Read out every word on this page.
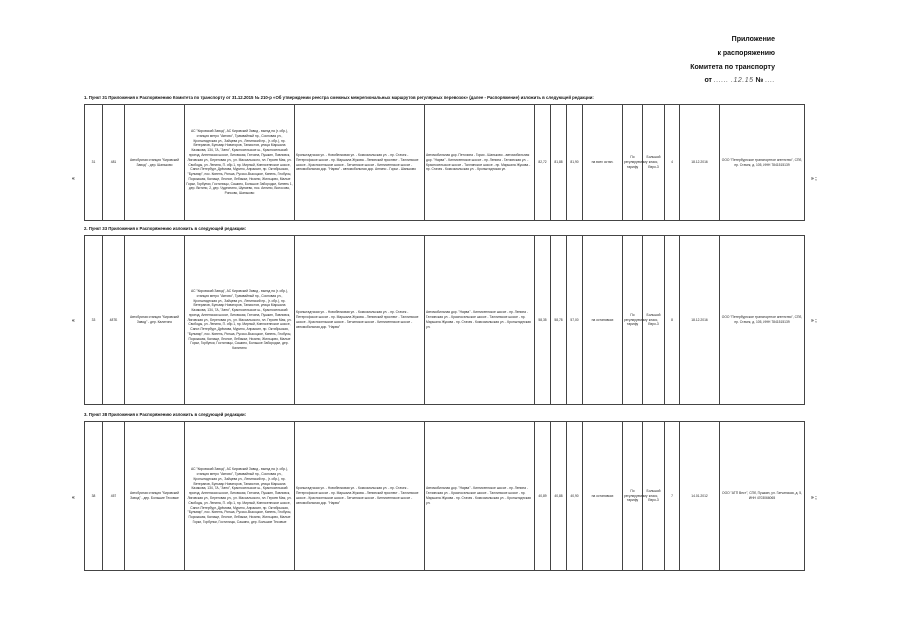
Приложение
к распоряжению
Комитета по транспорту
от ...... .12.15 № ....
1. Пункт 31 Приложения к Распоряжению Комитета по транспорту от 31.12.2015 № 210-р «Об утверждении реестра смежных межрегиональных маршрутов регулярных перевозок» (далее - Распоряжение) изложить в следующей редакции:
2. Пункт 33 Приложения к Распоряжению изложить в следующей редакции:
3. Пункт 38 Приложения к Распоряжению изложить в следующей редакции:
31	481	Автобусная станция "Кировский Завод" - дер. Шаньково	АС "Кировский Завод", АС Кировский Завод - выезд на (г. обр.), станция метро "Автово", Трамвайный пр., Сосновая ул., Кронштадтская ул., Зайцева ул., Ленинский пр., (г. обр.), пр. Ветеранов, Бульвар Новаторов, Танкистов, улица Маршала Казакова, 134, 7А, "Авто", Красносельское ш., Красносельский проезд, Анненская шоссе, Лиговская, Гатчина, Пушкин, Павловск, Лиговская ул., Береговая ул., ул. Массальского, пл. Героев Мая, ул. Свободы, ул. Ленина, П. обр.1, пр. Мирный, Кингисеппское шоссе, Санкт-Петербург, Дрёмова, Мурино, Апраксин, пр. Октябрьская, "Бульвар", пос. Кипень, Ропша, Русско-Высоцкое, Кипень, Глобусы, Порожская, Калище, Лесное, Лебяжье, Низино, Жильцово, Малые Горки, Горбунки, Гостилицы, Сашино, Большое Забородье, Кипень 1, дер. Витино, 2, дер. Чудеснино, Шупаево, пос. Аннино, Волосово, Ронково, Шаньково	Кронштадтская ул. - Новобелковая ул. - Комсомольская ул. - пр. Стачек - Петергофское шоссе - пр. Маршала Жукова - Ленинский проспект - Таллинское шоссе - Красносельское шоссе - Гатчинское шоссе - Кингисеппское шоссе - автомобильная дор. "Нарва" - автомобильная дор. Аннино - Горки - Шаньково	Автомобильная дор. Петочина - Горки - Шаньково - автомобильная дор. "Нарва" - Кингисеппское шоссе - пр. Ленина - Гатчинская ул. - Красносельское шоссе - Таллинское шоссе - пр. Маршала Жукова - пр. Стачек - Комсомольская ул. - Кронштадтская ул.	82,72	81,88	81,90	на всех остан.	По регулируемому тарифу	Большой класс, Евро-3	4	18.12.2016	ООО "Петербургское транспортное агентство", СПб, пр. Стачек, д. 105, ИНН 7841515139
33	487Б	Автобусная станция "Кировский Завод" - дер. Калитино	АС "Кировский Завод", АС Кировский Завод - выезд на (г. обр.), станция метро "Автово", Трамвайный пр., Сосновая ул., Кронштадтская ул., Зайцева ул., Ленинский пр., (г. обр.), пр. Ветеранов, Бульвар Новаторов, Танкистов, улица Маршала Казакова, 134, 7А, "Авто", Красносельское ш., Красносельский проезд, Анненская шоссе, Лиговская, Гатчина, Пушкин, Павловск, Лиговская ул., Береговая ул., ул. Массальского, пл. Героев Мая, ул. Свободы, ул. Ленина, П. обр.1, пр. Мирный, Кингисеппское шоссе, Санкт-Петербург, Дрёмова, Мурино, Апраксин, пр. Октябрьская, "Бульвар", пос. Кипень, Ропша, Русско-Высоцкое, Кипень, Глобусы, Порожская, Калище, Лесное, Лебяжье, Низино, Жильцово, Малые Горки, Горбунки, Гостилицы, Сашино, Большое Забородье, дер. Калитино	Кронштадтская ул. - Новобелковая ул. - Комсомольская ул. - пр. Стачек - Петергофское шоссе - пр. Маршала Жукова - Ленинский проспект - Таллинское шоссе - Красносельское шоссе - Гатчинское шоссе - Кингисеппское шоссе - автомобильная дор. "Нарва"	Автомобильная дор. "Нарва" - Кингисеппское шоссе - пр. Ленина - Гатчинская ул. - Красносельское шоссе - Таллинское шоссе - пр. Маршала Жукова - пр. Стачек - Комсомольская ул. - Кронштадтская ул.	58,35	58,78	57,00	на остановках	По регулируемому тарифу	Большой класс, Евро-3	8	18.12.2016	ООО "Петербургское транспортное агентство", СПб, пр. Стачек, д. 105, ИНН 7841515139
38	457	Автобусная станция "Кировский Завод" - дер. Большие Тесовые	АС "Кировский Завод", АС Кировский Завод - выезд на (г. обр.), станция метро "Автово", Трамвайный пр., Сосновая ул., Кронштадтская ул., Зайцева ул., Ленинский пр., (г. обр.), пр. Ветеранов, Бульвар Новаторов, Танкистов, улица Маршала Казакова, 134, 7А, "Авто", Красносельское ш., Красносельский проезд, Анненская шоссе, Лиговская, Гатчина, Пушкин, Павловск, Лиговская ул., Береговая ул., ул. Массальского, пл. Героев Мая, ул. Свободы, ул. Ленина, П. обр.1, пр. Мирный, Кингисеппское шоссе, Санкт-Петербург, Дрёмова, Мурино, Апраксин, пр. Октябрьская, "Бульвар", пос. Кипень, Ропша, Русско-Высоцкое, Кипень, Глобусы, Порожская, Калище, Лесное, Лебяжье, Низино, Жильцово, Малые Горки, Горбунки, Гостилицы, Сашино, дер. Большие Тесовые	Кронштадтская ул. - Новобелковая ул. - Комсомольская ул. - пр. Стачек - Петергофское шоссе - пр. Маршала Жукова - Ленинский проспект - Таллинское шоссе - Красносельское шоссе - Гатчинское шоссе - Кингисеппское шоссе - автомобильная дор. "Нарва"	Автомобильная дор. "Нарва" - Кингисеппское шоссе - пр. Ленина - Гатчинская ул. - Красносельское шоссе - Таллинское шоссе - пр. Маршала Жукова - пр. Стачек - Комсомольская ул. - Кронштадтская ул.	40,89	40,88	40,90	на остановках	По регулируемому тарифу	Большой класс, Евро-3	7	14.01.2012	ООО "АТП Вест", СПб, Пушкин, ул. Гатчинская, д. 5, ИНН 4703066065
«
«
«
» ;
» ;
» ;
